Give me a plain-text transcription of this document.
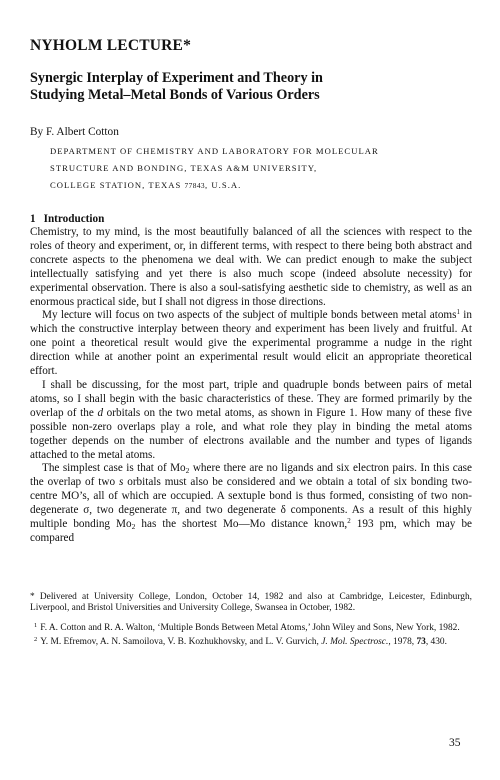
NYHOLM LECTURE*
Synergic Interplay of Experiment and Theory in
Studying Metal–Metal Bonds of Various Orders
By F. Albert Cotton
DEPARTMENT OF CHEMISTRY AND LABORATORY FOR MOLECULAR
STRUCTURE AND BONDING, TEXAS A&M UNIVERSITY,
COLLEGE STATION, TEXAS 77843, U.S.A.
1 Introduction

Chemistry, to my mind, is the most beautifully balanced of all the sciences with respect to the roles of theory and experiment, or, in different terms, with respect to there being both abstract and concrete aspects to the phenomena we deal with. We can predict enough to make the subject intellectually satisfying and yet there is also much scope (indeed absolute necessity) for experimental observation. There is also a soul-satisfying aesthetic side to chemistry, as well as an enormous practical side, but I shall not digress in those directions.

My lecture will focus on two aspects of the subject of multiple bonds between metal atoms$^1$ in which the constructive interplay between theory and experiment has been lively and fruitful. At one point a theoretical result would give the experimental programme a nudge in the right direction while at another point an experimental result would elicit an appropriate theoretical effort.

I shall be discussing, for the most part, triple and quadruple bonds between pairs of metal atoms, so I shall begin with the basic characteristics of these. They are formed primarily by the overlap of the d orbitals on the two metal atoms, as shown in Figure 1. How many of these five possible non-zero overlaps play a role, and what role they play in binding the metal atoms together depends on the number of electrons available and the number and types of ligands attached to the metal atoms.

The simplest case is that of $Mo_2$ where there are no ligands and six electron pairs. In this case the overlap of two s orbitals must also be considered and we obtain a total of six bonding two-centre MO’s, all of which are occupied. A sextuple bond is thus formed, consisting of two non-degenerate σ, two degenerate π, and two degenerate δ components. As a result of this highly multiple bonding $Mo_2$ has the shortest Mo—Mo distance known,$^2$ 193 pm, which may be compared

* Delivered at University College, London, October 14, 1982 and also at Cambridge, Leicester, Edinburgh, Liverpool, and Bristol Universities and University College, Swansea in October, 1982.

$^1$ F. A. Cotton and R. A. Walton, ‘Multiple Bonds Between Metal Atoms,’ John Wiley and Sons, New York, 1982.

$^2$ Y. M. Efremov, A. N. Samoilova, V. B. Kozhukhovsky, and L. V. Gurvich, J. Mol. Spectrosc., 1978, 73, 430.

35
